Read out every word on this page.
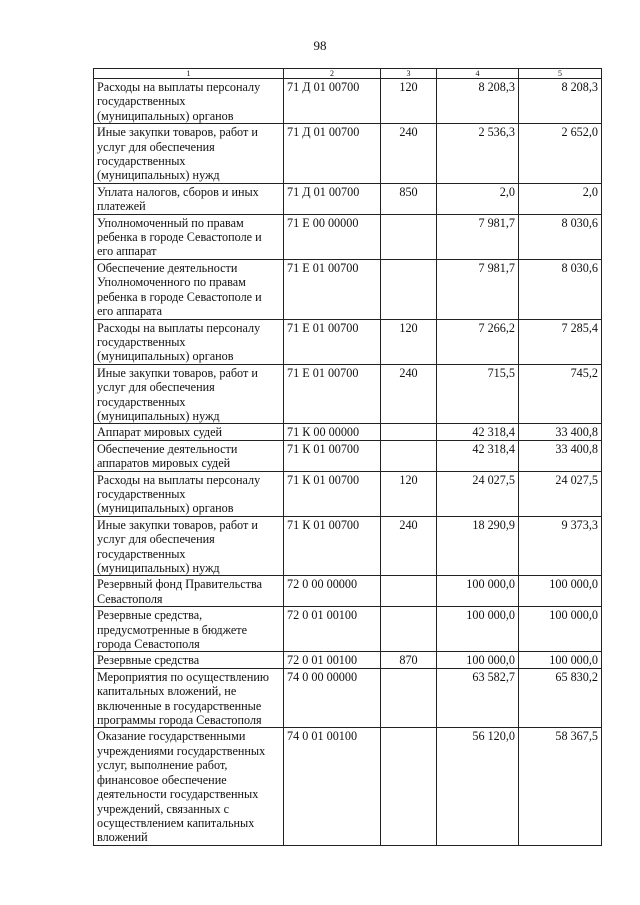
98
1	2	3	4	5
Расходы на выплаты персоналу государственных (муниципальных) органов	71 Д 01 00700	120	8 208,3	8 208,3
Иные закупки товаров, работ и услуг для обеспечения государственных (муниципальных) нужд	71 Д 01 00700	240	2 536,3	2 652,0
Уплата налогов, сборов и иных платежей	71 Д 01 00700	850	2,0	2,0
Уполномоченный по правам ребенка в городе Севастополе и его аппарат	71 Е 00 00000		7 981,7	8 030,6
Обеспечение деятельности Уполномоченного по правам ребенка в городе Севастополе и его аппарата	71 Е 01 00700		7 981,7	8 030,6
Расходы на выплаты персоналу государственных (муниципальных) органов	71 Е 01 00700	120	7 266,2	7 285,4
Иные закупки товаров, работ и услуг для обеспечения государственных (муниципальных) нужд	71 Е 01 00700	240	715,5	745,2
Аппарат мировых судей	71 К 00 00000		42 318,4	33 400,8
Обеспечение деятельности аппаратов мировых судей	71 К 01 00700		42 318,4	33 400,8
Расходы на выплаты персоналу государственных (муниципальных) органов	71 К 01 00700	120	24 027,5	24 027,5
Иные закупки товаров, работ и услуг для обеспечения государственных (муниципальных) нужд	71 К 01 00700	240	18 290,9	9 373,3
Резервный фонд Правительства Севастополя	72 0 00 00000		100 000,0	100 000,0
Резервные средства, предусмотренные в бюджете города Севастополя	72 0 01 00100		100 000,0	100 000,0
Резервные средства	72 0 01 00100	870	100 000,0	100 000,0
Мероприятия по осуществлению капитальных вложений, не включенные в государственные программы города Севастополя	74 0 00 00000		63 582,7	65 830,2
Оказание государственными учреждениями государственных услуг, выполнение работ, финансовое обеспечение деятельности государственных учреждений, связанных с осуществлением капитальных вложений	74 0 01 00100		56 120,0	58 367,5
